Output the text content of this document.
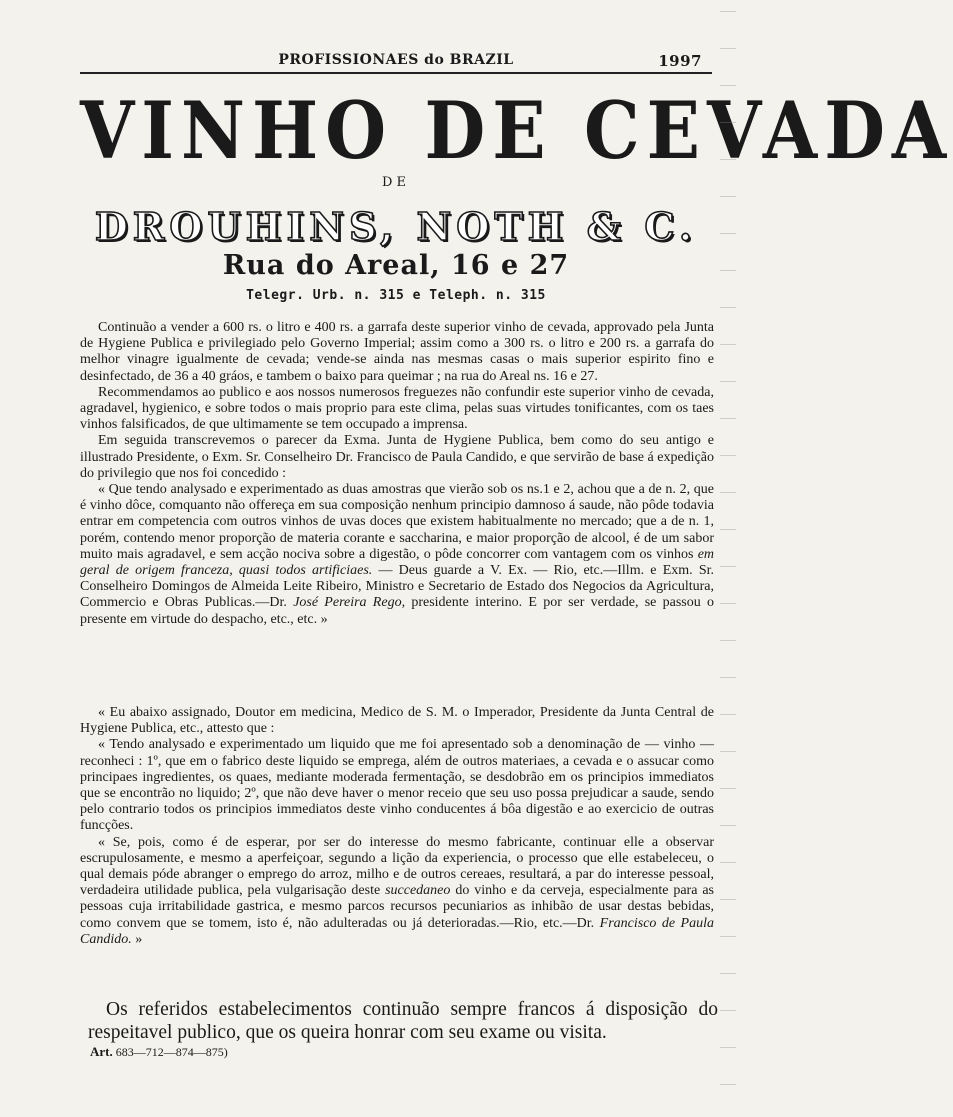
PROFISSIONAES do BRAZIL	1997
VINHO DE CEVADA
DE
DROUHINS, NOTH & C.
Rua do Areal, 16 e 27
Telegr. Urb. n. 315 e Teleph. n. 315

Continuão a vender a 600 rs. o litro e 400 rs. a garrafa deste superior vinho de cevada, approvado pela Junta de Hygiene Publica e privilegiado pelo Governo Imperial; assim como a 300 rs. o litro e 200 rs. a garrafa do melhor vinagre igualmente de cevada; vende-se ainda nas mesmas casas o mais superior espirito fino e desinfectado, de 36 a 40 gráos, e tambem o baixo para queimar ; na rua do Areal ns. 16 e 27.

Recommendamos ao publico e aos nossos numerosos freguezes não confundir este superior vinho de cevada, agradavel, hygienico, e sobre todos o mais proprio para este clima, pelas suas virtudes tonificantes, com os taes vinhos falsificados, de que ultimamente se tem occupado a imprensa.

Em seguida transcrevemos o parecer da Exma. Junta de Hygiene Publica, bem como do seu antigo e illustrado Presidente, o Exm. Sr. Conselheiro Dr. Francisco de Paula Candido, e que servirão de base á expedição do privilegio que nos foi concedido :

« Que tendo analysado e experimentado as duas amostras que vierão sob os ns.1 e 2, achou que a de n. 2, que é vinho dôce, comquanto não offereça em sua composição nenhum principio damnoso á saude, não pôde todavia entrar em competencia com outros vinhos de uvas doces que existem habitualmente no mercado; que a de n. 1, porém, contendo menor proporção de materia corante e saccharina, e maior proporção de alcool, é de um sabor muito mais agradavel, e sem acção nociva sobre a digestão, o pôde concorrer com vantagem com os vinhos em geral de origem franceza, quasi todos artificiaes. — Deus guarde a V. Ex. — Rio, etc.—Illm. e Exm. Sr. Conselheiro Domingos de Almeida Leite Ribeiro, Ministro e Secretario de Estado dos Negocios da Agricultura, Commercio e Obras Publicas.—Dr. José Pereira Rego, presidente interino. E por ser verdade, se passou o presente em virtude do despacho, etc., etc. »

« Eu abaixo assignado, Doutor em medicina, Medico de S. M. o Imperador, Presidente da Junta Central de Hygiene Publica, etc., attesto que :

« Tendo analysado e experimentado um liquido que me foi apresentado sob a denominação de — vinho — reconheci : 1º, que em o fabrico deste liquido se emprega, além de outros materiaes, a cevada e o assucar como principaes ingredientes, os quaes, mediante moderada fermentação, se desdobrão em os principios immediatos que se encontrão no liquido; 2º, que não deve haver o menor receio que seu uso possa prejudicar a saude, sendo pelo contrario todos os principios immediatos deste vinho conducentes á bôa digestão e ao exercicio de outras funcções.

« Se, pois, como é de esperar, por ser do interesse do mesmo fabricante, continuar elle a observar escrupulosamente, e mesmo a aperfeiçoar, segundo a lição da experiencia, o processo que elle estabeleceu, o qual demais póde abranger o emprego do arroz, milho e de outros cereaes, resultará, a par do interesse pessoal, verdadeira utilidade publica, pela vulgarisação deste succedaneo do vinho e da cerveja, especialmente para as pessoas cuja irritabilidade gastrica, e mesmo parcos recursos pecuniarios as inhibão de usar destas bebidas, como convem que se tomem, isto é, não adulteradas ou já deterioradas.—Rio, etc.—Dr. Francisco de Paula Candido. »

Os referidos estabelecimentos continuão sempre francos á disposição do respeitavel publico, que os queira honrar com seu exame ou visita.

Art. 683—712—874—875)
